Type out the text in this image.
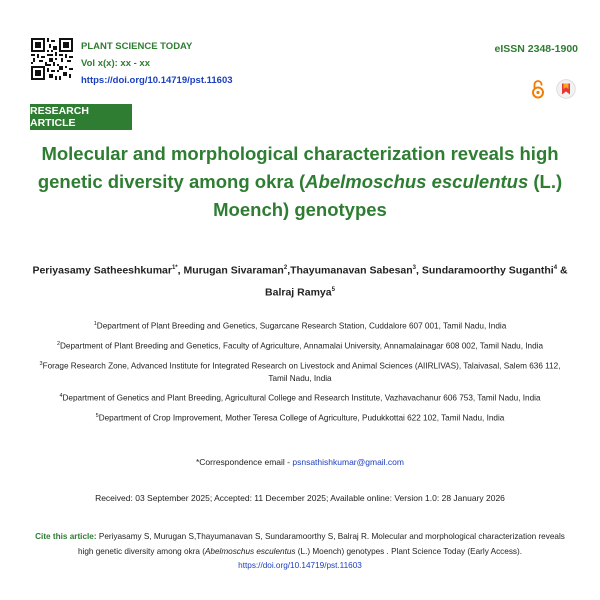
PLANT SCIENCE TODAY
Vol x(x): xx - xx
https://doi.org/10.14719/pst.11603
eISSN 2348-1900
RESEARCH ARTICLE
Molecular and morphological characterization reveals high genetic diversity among okra (Abelmoschus esculentus (L.) Moench) genotypes
Periyasamy Satheeshkumar$^{1*}$, Murugan Sivaraman$^2$,Thayumanavan Sabesan$^3$, Sundaramoorthy Suganthi$^4$ &
Balraj Ramya$^5$
$^1$Department of Plant Breeding and Genetics, Sugarcane Research Station, Cuddalore 607 001, Tamil Nadu, India
$^2$Department of Plant Breeding and Genetics, Faculty of Agriculture, Annamalai University, Annamalainagar 608 002, Tamil Nadu, India
$^3$Forage Research Zone, Advanced Institute for Integrated Research on Livestock and Animal Sciences (AIIRLIVAS), Talaivasal, Salem 636 112, Tamil Nadu, India
$^4$Department of Genetics and Plant Breeding, Agricultural College and Research Institute, Vazhavachanur 606 753, Tamil Nadu, India
$^5$Department of Crop Improvement, Mother Teresa College of Agriculture, Pudukkottai 622 102, Tamil Nadu, India
*Correspondence email - psnsathishkumar@gmail.com
Received: 03 September 2025; Accepted: 11 December 2025; Available online: Version 1.0: 28 January 2026
Cite this article: Periyasamy S, Murugan S,Thayumanavan S, Sundaramoorthy S, Balraj R. Molecular and morphological characterization reveals high genetic diversity among okra (Abelmoschus esculentus (L.) Moench) genotypes . Plant Science Today (Early Access). https://doi.org/10.14719/pst.11603
